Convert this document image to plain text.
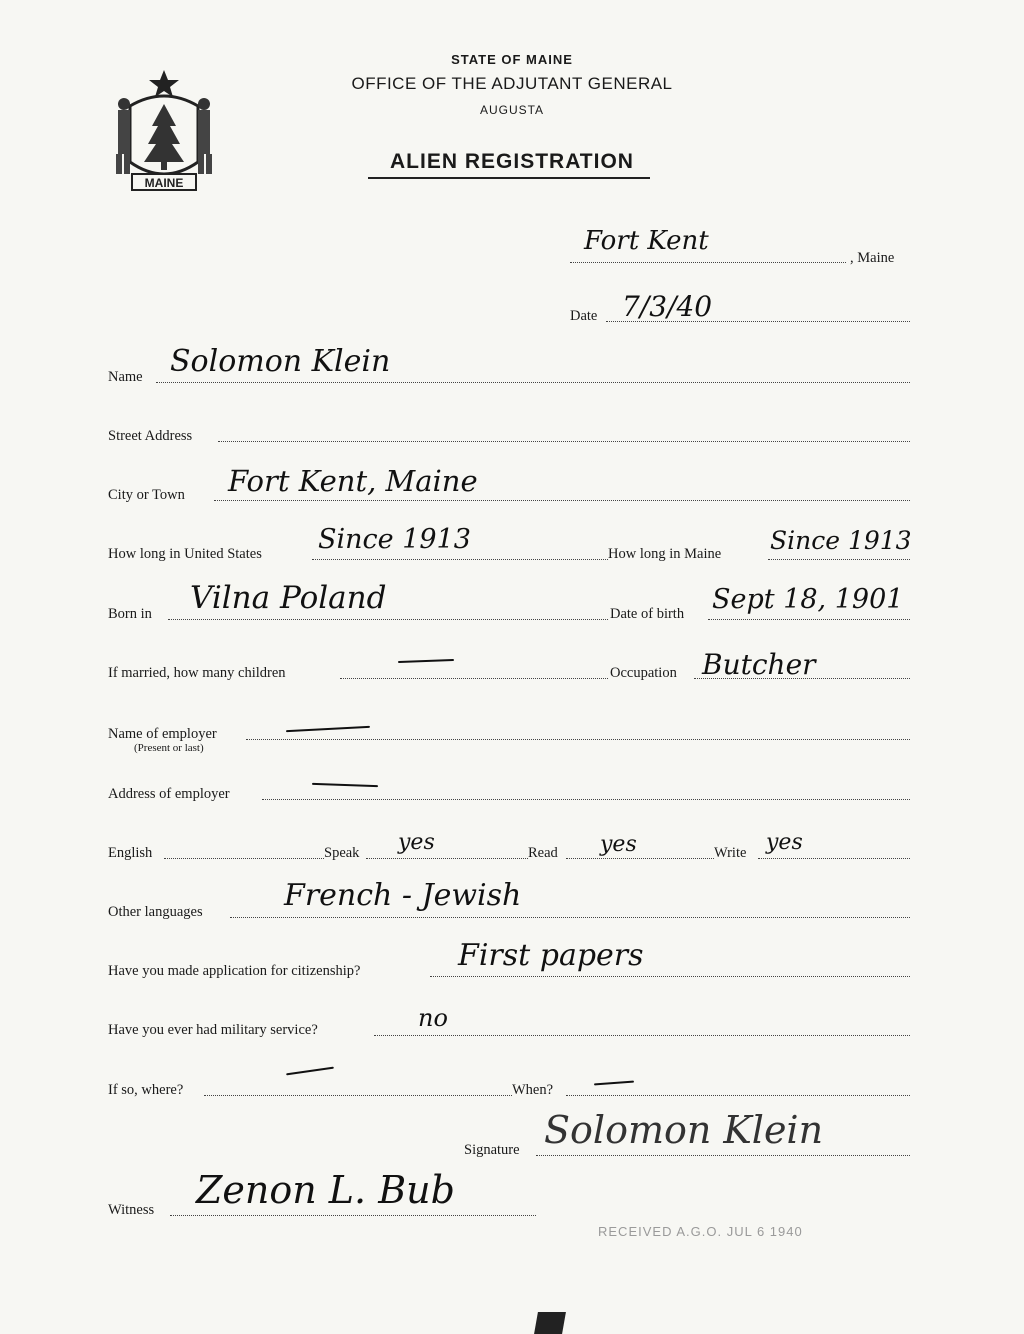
MAINE
STATE OF MAINE
OFFICE OF THE ADJUTANT GENERAL
AUGUSTA
ALIEN REGISTRATION
Fort Kent
, Maine
Date 7/3/40
Name Solomon Klein
Street Address
City or Town Fort Kent, Maine
How long in United States Since 1913	How long in Maine Since 1913
Born in Vilna Poland	Date of birth Sept 18, 1901
If married, how many children	Occupation Butcher
Name of employer
(Present or last)
Address of employer
English	Speak yes	Read yes	Write yes
Other languages	French - Jewish
Have you made application for citizenship?	First papers
Have you ever had military service?	no
If so, where?	When?
Signature Solomon Klein
Witness Zenon L. Bub
RECEIVED A.G.O. JUL 6 1940
